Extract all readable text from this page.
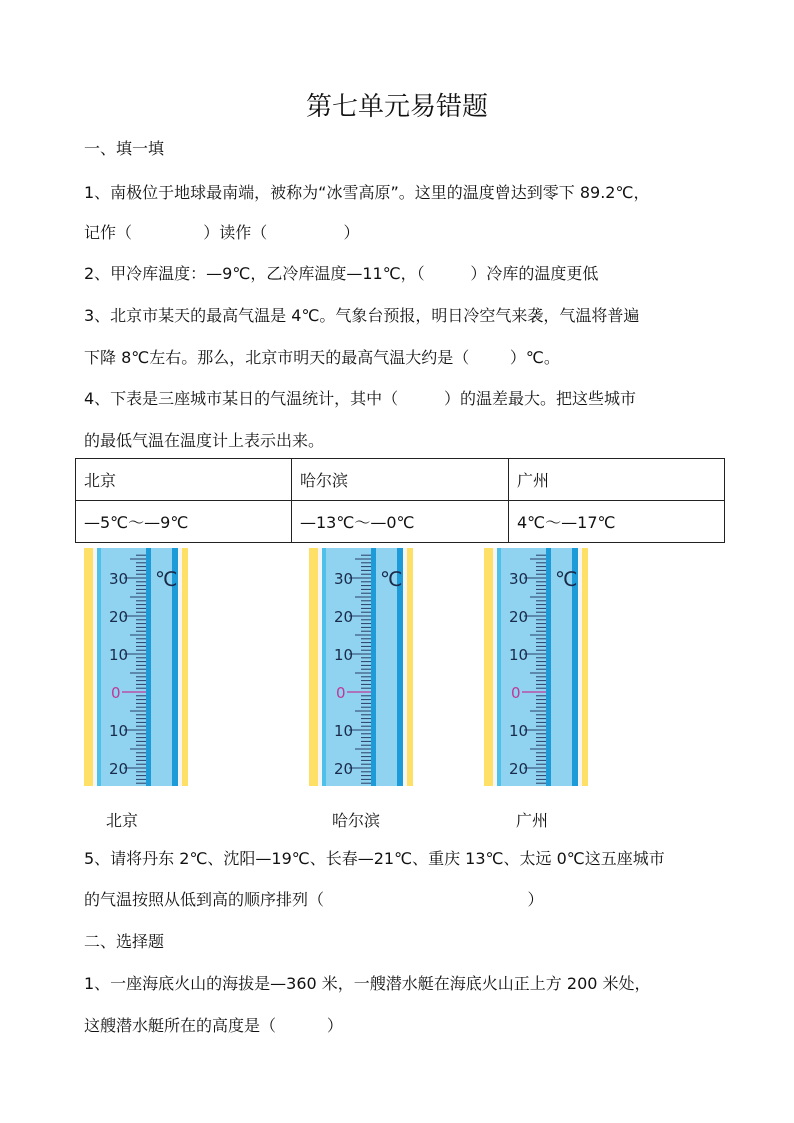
第七单元易错题
一、填一填
1、南极位于地球最南端，被称为“冰雪高原”。这里的温度曾达到零下 89.2℃，
记作（              ）读作（               ）
2、甲冷库温度：—9℃，乙冷库温度—11℃，（         ）冷库的温度更低
3、北京市某天的最高气温是 4℃。气象台预报，明日冷空气来袭，气温将普遍
下降 8℃左右。那么，北京市明天的最高气温大约是（        ）℃。
4、下表是三座城市某日的气温统计，其中（         ）的温差最大。把这些城市
的最低气温在温度计上表示出来。
北京	哈尔滨	广州
—5℃～—9℃	—13℃～—0℃	4℃～—17℃
30
20
10
0
10
20
℃	30
20
10
0
10
20
℃	30
20
10
0
10
20
℃
北京	哈尔滨	广州
5、请将丹东 2℃、沈阳—19℃、长春—21℃、重庆 13℃、太远 0℃这五座城市
的气温按照从低到高的顺序排列（                                        ）
二、选择题
1、一座海底火山的海拔是—360 米，一艘潜水艇在海底火山正上方 200 米处，
这艘潜水艇所在的高度是（          ）
